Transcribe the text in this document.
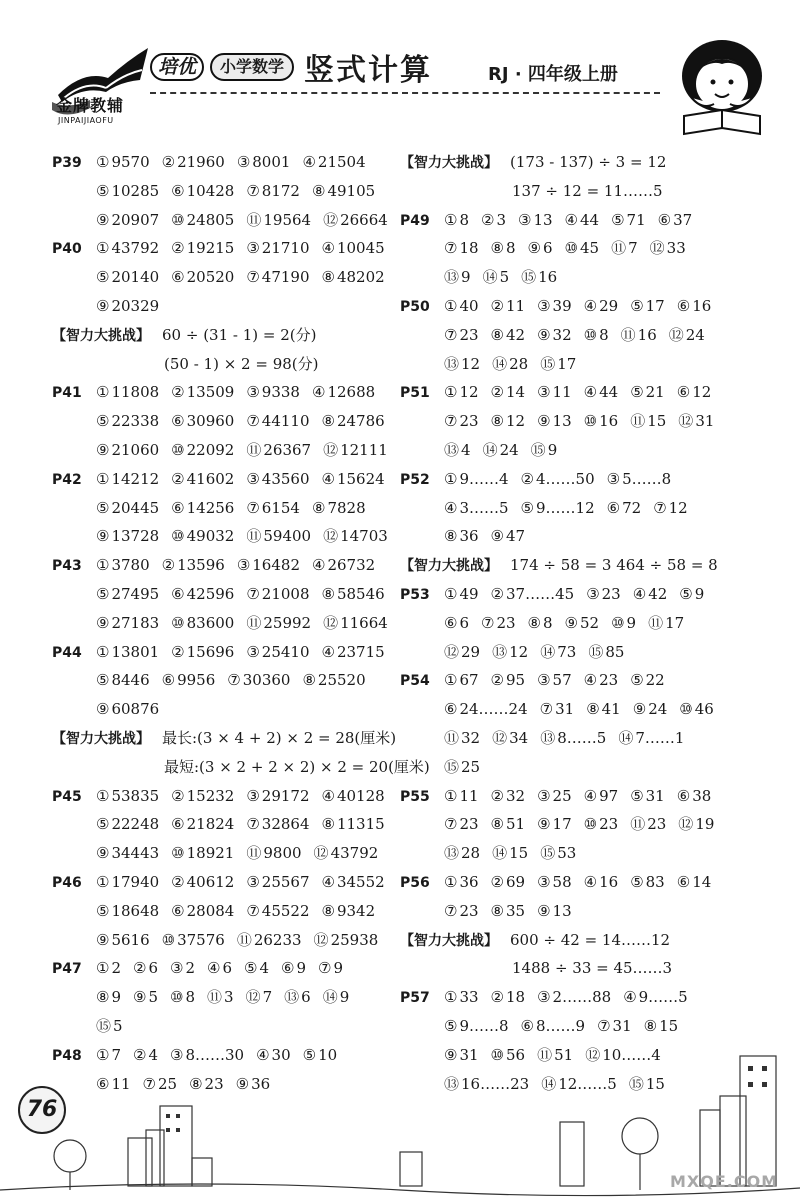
金牌教辅
JINPAIJIAOFU
培优	小学数学 竖式计算	RJ · 四年级上册
P39 ① 9570 ② 21960 ③ 8001 ④ 21504
⑤ 10285 ⑥ 10428 ⑦ 8172 ⑧ 49105
⑨ 20907 ⑩ 24805 ⑪ 19564 ⑫ 26664
P40 ① 43792 ② 19215 ③ 21710 ④ 10045
⑤ 20140 ⑥ 20520 ⑦ 47190 ⑧ 48202
⑨ 20329
【智力大挑战】 60 ÷ (31 - 1) = 2(分)
(50 - 1) × 2 = 98(分)
P41 ① 11808 ② 13509 ③ 9338 ④ 12688
⑤ 22338 ⑥ 30960 ⑦ 44110 ⑧ 24786
⑨ 21060 ⑩ 22092 ⑪ 26367 ⑫ 12111
P42 ① 14212 ② 41602 ③ 43560 ④ 15624
⑤ 20445 ⑥ 14256 ⑦ 6154 ⑧ 7828
⑨ 13728 ⑩ 49032 ⑪ 59400 ⑫ 14703
P43 ① 3780 ② 13596 ③ 16482 ④ 26732
⑤ 27495 ⑥ 42596 ⑦ 21008 ⑧ 58546
⑨ 27183 ⑩ 83600 ⑪ 25992 ⑫ 11664
P44 ① 13801 ② 15696 ③ 25410 ④ 23715
⑤ 8446 ⑥ 9956 ⑦ 30360 ⑧ 25520
⑨ 60876
【智力大挑战】 最长:(3 × 4 + 2) × 2 = 28(厘米)
最短:(3 × 2 + 2 × 2) × 2 = 20(厘米)
P45 ① 53835 ② 15232 ③ 29172 ④ 40128
⑤ 22248 ⑥ 21824 ⑦ 32864 ⑧ 11315
⑨ 34443 ⑩ 18921 ⑪ 9800 ⑫ 43792
P46 ① 17940 ② 40612 ③ 25567 ④ 34552
⑤ 18648 ⑥ 28084 ⑦ 45522 ⑧ 9342
⑨ 5616 ⑩ 37576 ⑪ 26233 ⑫ 25938
P47 ① 2 ② 6 ③ 2 ④ 6 ⑤ 4 ⑥ 9 ⑦ 9
⑧ 9 ⑨ 5 ⑩ 8 ⑪ 3 ⑫ 7 ⑬ 6 ⑭ 9
⑮ 5
P48 ① 7 ② 4 ③ 8……30 ④ 30 ⑤ 10
⑥ 11 ⑦ 25 ⑧ 23 ⑨ 36
【智力大挑战】 (173 - 137) ÷ 3 = 12
137 ÷ 12 = 11……5
P49 ① 8 ② 3 ③ 13 ④ 44 ⑤ 71 ⑥ 37
⑦ 18 ⑧ 8 ⑨ 6 ⑩ 45 ⑪ 7 ⑫ 33
⑬ 9 ⑭ 5 ⑮ 16
P50 ① 40 ② 11 ③ 39 ④ 29 ⑤ 17 ⑥ 16
⑦ 23 ⑧ 42 ⑨ 32 ⑩ 8 ⑪ 16 ⑫ 24
⑬ 12 ⑭ 28 ⑮ 17
P51 ① 12 ② 14 ③ 11 ④ 44 ⑤ 21 ⑥ 12
⑦ 23 ⑧ 12 ⑨ 13 ⑩ 16 ⑪ 15 ⑫ 31
⑬ 4 ⑭ 24 ⑮ 9
P52 ① 9……4 ② 4……50 ③ 5……8
④ 3……5 ⑤ 9……12 ⑥ 72 ⑦ 12
⑧ 36 ⑨ 47
【智力大挑战】 174 ÷ 58 = 3 464 ÷ 58 = 8
P53 ① 49 ② 37……45 ③ 23 ④ 42 ⑤ 9
⑥ 6 ⑦ 23 ⑧ 8 ⑨ 52 ⑩ 9 ⑪ 17
⑫ 29 ⑬ 12 ⑭ 73 ⑮ 85
P54 ① 67 ② 95 ③ 57 ④ 23 ⑤ 22
⑥ 24……24 ⑦ 31 ⑧ 41 ⑨ 24 ⑩ 46
⑪ 32 ⑫ 34 ⑬ 8……5 ⑭ 7……1
⑮ 25
P55 ① 11 ② 32 ③ 25 ④ 97 ⑤ 31 ⑥ 38
⑦ 23 ⑧ 51 ⑨ 17 ⑩ 23 ⑪ 23 ⑫ 19
⑬ 28 ⑭ 15 ⑮ 53
P56 ① 36 ② 69 ③ 58 ④ 16 ⑤ 83 ⑥ 14
⑦ 23 ⑧ 35 ⑨ 13
【智力大挑战】 600 ÷ 42 = 14……12
1488 ÷ 33 = 45……3
P57 ① 33 ② 18 ③ 2……88 ④ 9……5
⑤ 9……8 ⑥ 8……9 ⑦ 31 ⑧ 15
⑨ 31 ⑩ 56 ⑪ 51 ⑫ 10……4
⑬ 16……23 ⑭ 12……5 ⑮ 15
76
MXQE.COM
